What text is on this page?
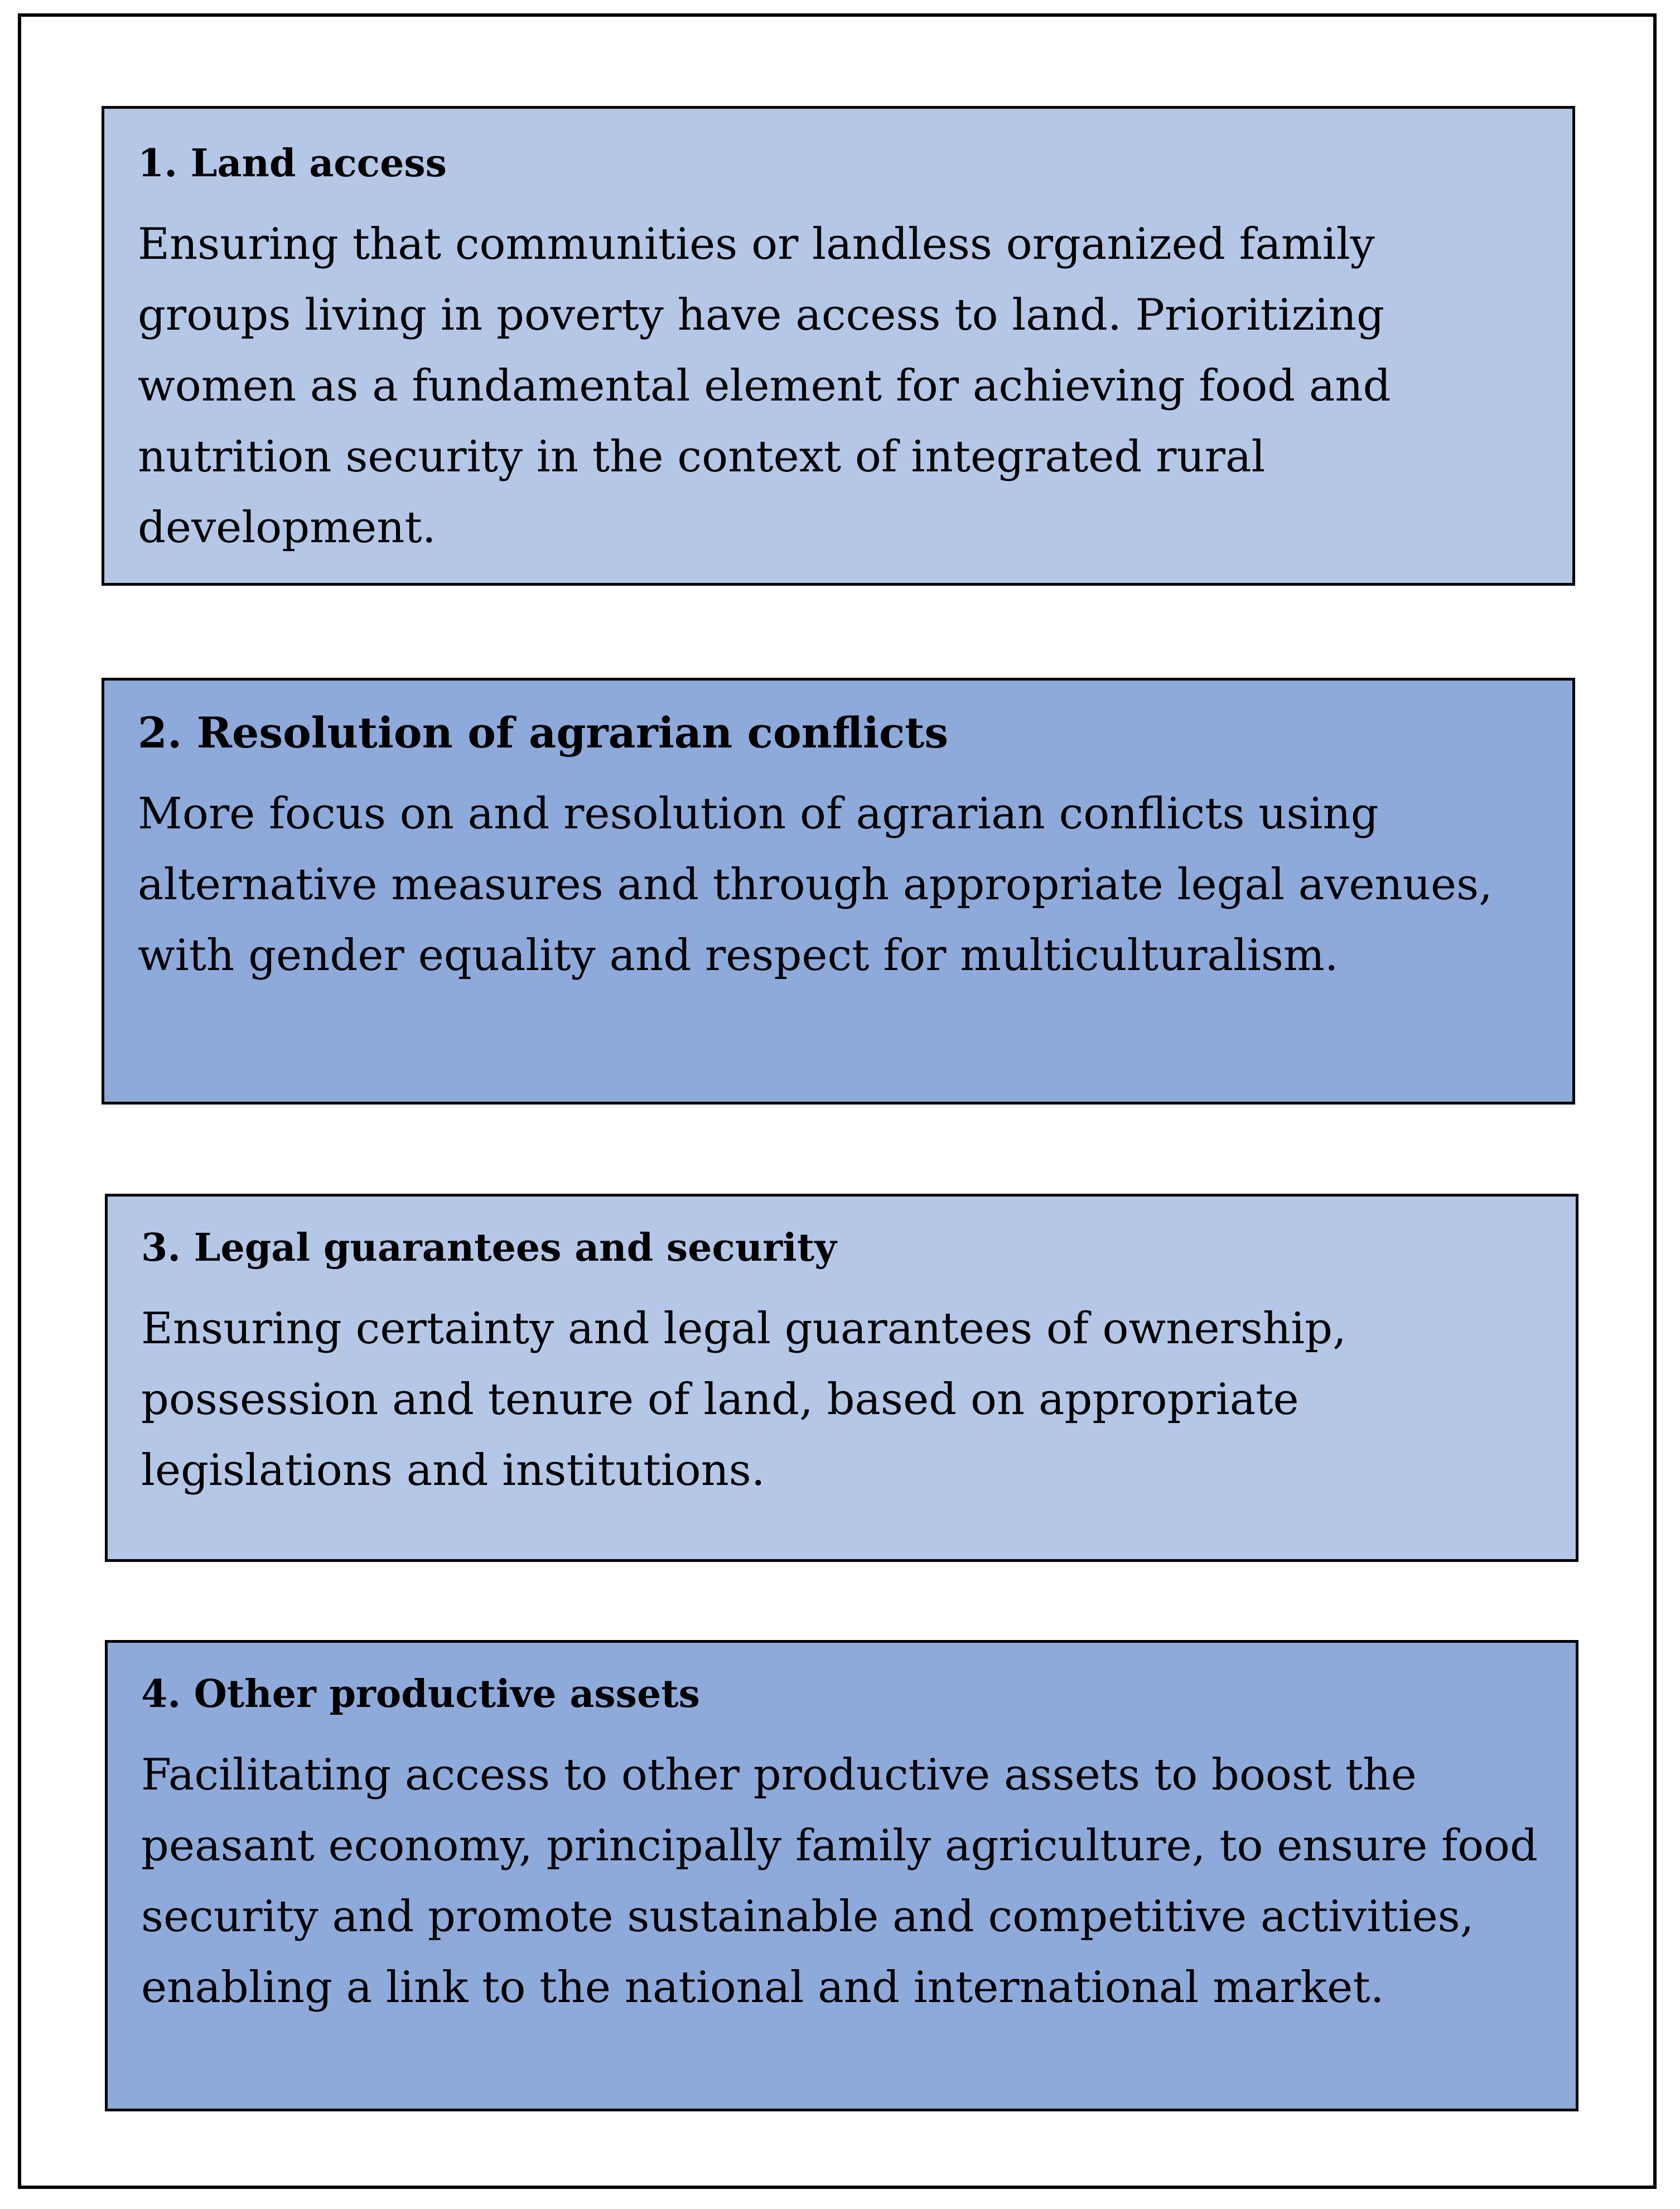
1. Land access

Ensuring that communities or landless organized family groups living in poverty have access to land. Prioritizing women as a fundamental element for achieving food and nutrition security in the context of integrated rural development.

2. Resolution of agrarian conflicts

More focus on and resolution of agrarian conflicts using alternative measures and through appropriate legal avenues, with gender equality and respect for multiculturalism.

3. Legal guarantees and security

Ensuring certainty and legal guarantees of ownership, possession and tenure of land, based on appropriate legislations and institutions.

4. Other productive assets

Facilitating access to other productive assets to boost the peasant economy, principally family agriculture, to ensure food security and promote sustainable and competitive activities, enabling a link to the national and international market.
